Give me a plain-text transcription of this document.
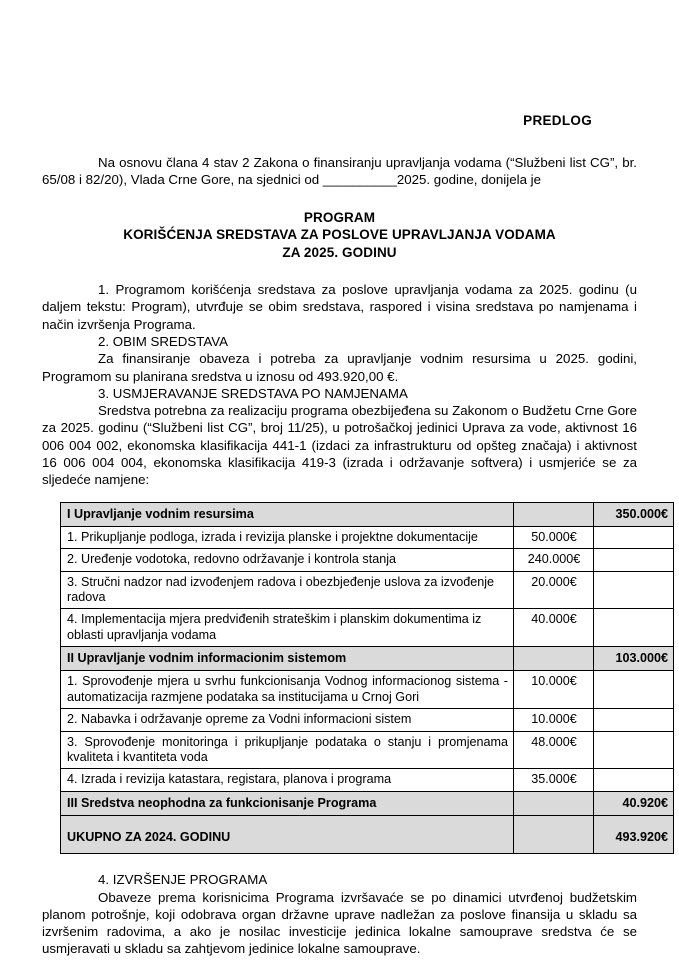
PREDLOG

Na osnovu člana 4 stav 2 Zakona o finansiranju upravljanja vodama (“Službeni list CG”, br. 65/08 i 82/20), Vlada Crne Gore, na sjednici od __________2025. godine, donijela je

PROGRAM
KORIŠĆENJA SREDSTAVA ZA POSLOVE UPRAVLJANJA VODAMA
ZA 2025. GODINU

1. Programom korišćenja sredstava za poslove upravljanja vodama za 2025. godinu (u daljem tekstu: Program), utvrđuje se obim sredstava, raspored i visina sredstava po namjenama i način izvršenja Programa.

2. OBIM SREDSTAVA

Za finansiranje obaveza i potreba za upravljanje vodnim resursima u 2025. godini, Programom su planirana sredstva u iznosu od 493.920,00 €.

3. USMJERAVANJE SREDSTAVA PO NAMJENAMA

Sredstva potrebna za realizaciju programa obezbijeđena su Zakonom o Budžetu Crne Gore za 2025. godinu (“Službeni list CG”, broj 11/25), u potrošačkoj jedinici Uprava za vode, aktivnost 16 006 004 002, ekonomska klasifikacija 441-1 (izdaci za infrastrukturu od opšteg značaja) i aktivnost 16 006 004 004, ekonomska klasifikacija 419-3 (izrada i održavanje softvera) i usmjeriće se za sljedeće namjene:

I Upravljanje vodnim resursima		350.000€
1. Prikupljanje podloga, izrada i revizija planske i projektne dokumentacije	50.000€	
2. Uređenje vodotoka, redovno održavanje i kontrola stanja	240.000€	
3. Stručni nadzor nad izvođenjem radova i obezbjeđenje uslova za izvođenje radova	20.000€	
4. Implementacija mjera predviđenih strateškim i planskim dokumentima iz oblasti upravljanja vodama	40.000€	
II Upravljanje vodnim informacionim sistemom		103.000€
1. Sprovođenje mjera u svrhu funkcionisanja Vodnog informacionog sistema - automatizacija razmjene podataka sa institucijama u Crnoj Gori	10.000€	
2. Nabavka i održavanje opreme za Vodni informacioni sistem	10.000€	
3. Sprovođenje monitoringa i prikupljanje podataka o stanju i promjenama kvaliteta i kvantiteta voda	48.000€	
4. Izrada i revizija katastara, registara, planova i programa	35.000€	
III Sredstva neophodna za funkcionisanje Programa		40.920€
UKUPNO ZA 2024. GODINU		493.920€

4. IZVRŠENJE PROGRAMA

Obaveze prema korisnicima Programa izvršavaće se po dinamici utvrđenoj budžetskim planom potrošnje, koji odobrava organ državne uprave nadležan za poslove finansija u skladu sa izvršenim radovima, a ako je nosilac investicije jedinica lokalne samouprave sredstva će se usmjeravati u skladu sa zahtjevom jedinice lokalne samouprave.
